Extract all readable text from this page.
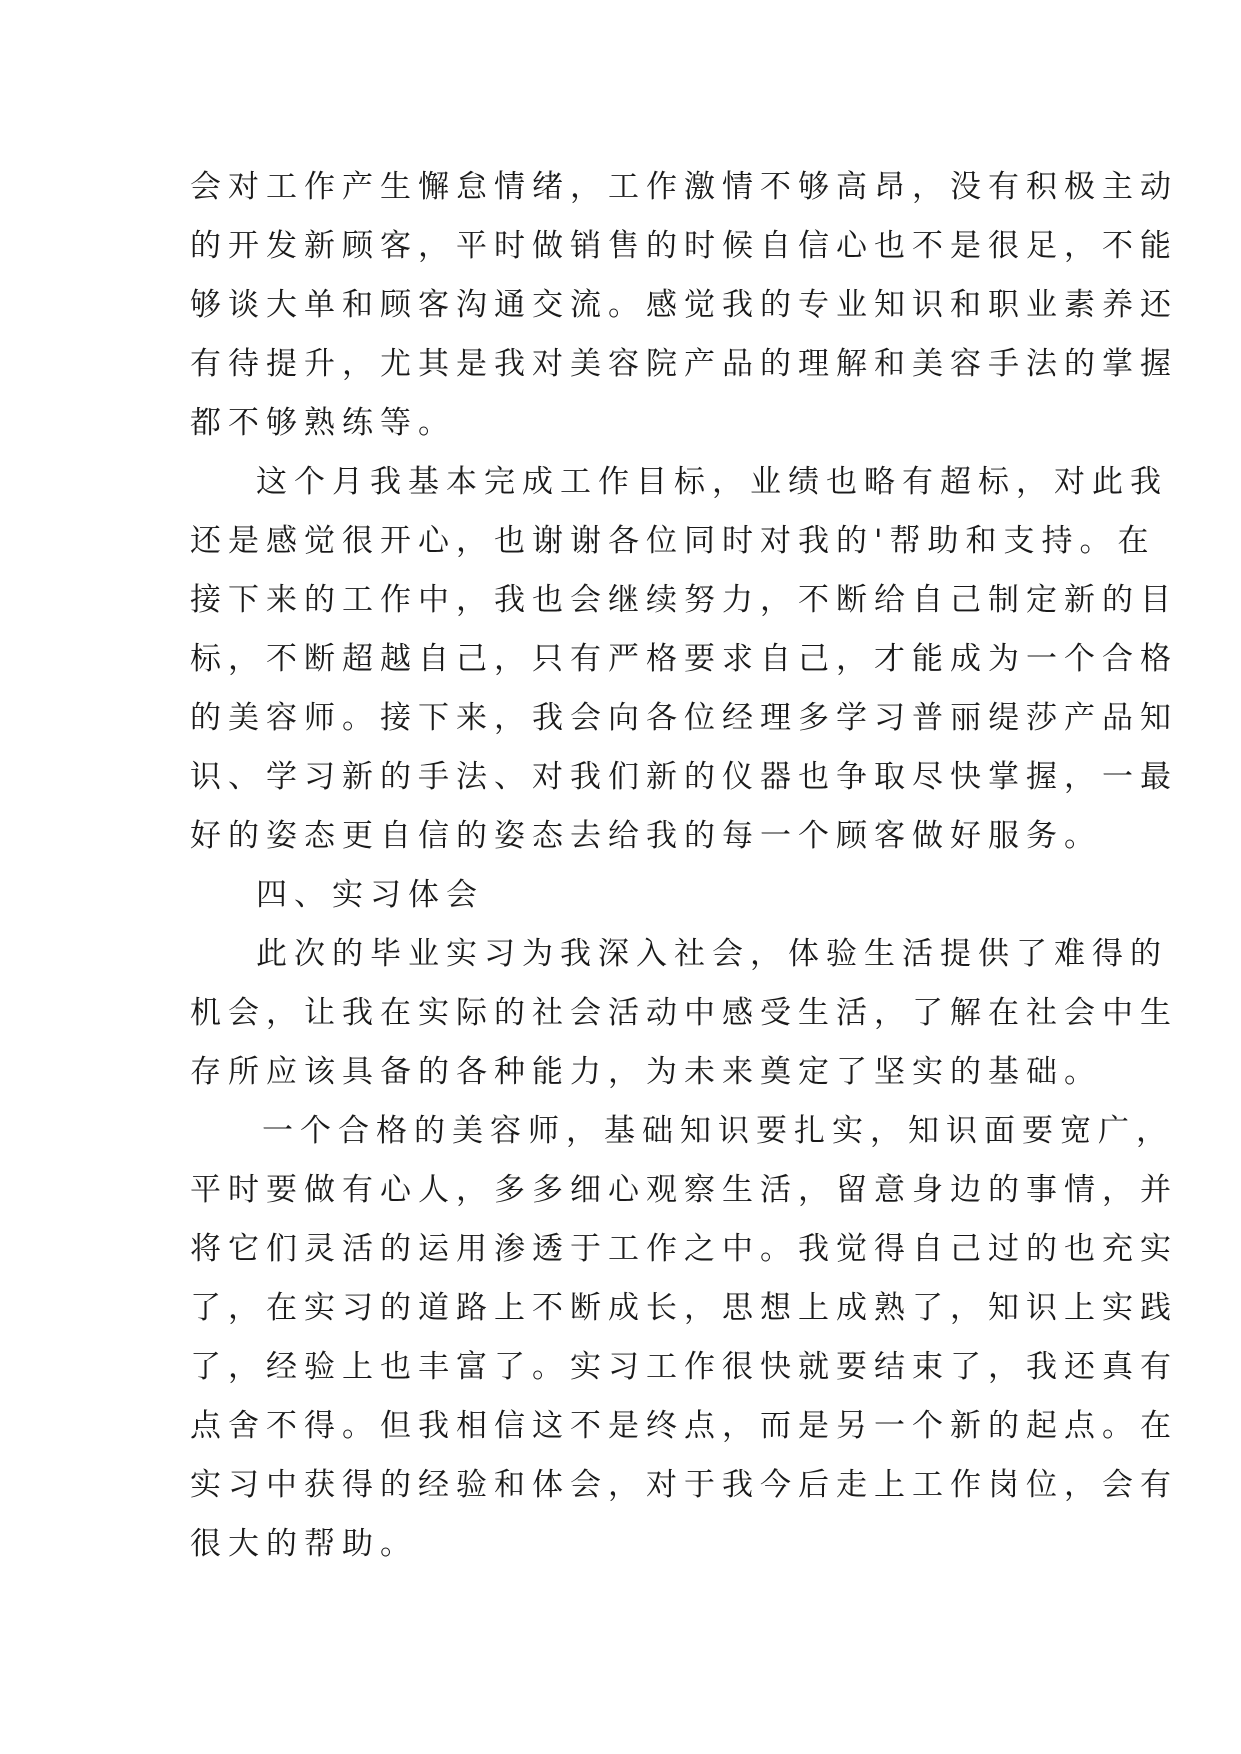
会对工作产生懈怠情绪，工作激情不够高昂，没有积极主动
的开发新顾客，平时做销售的时候自信心也不是很足，不能
够谈大单和顾客沟通交流。感觉我的专业知识和职业素养还
有待提升，尤其是我对美容院产品的理解和美容手法的掌握
都不够熟练等。
这个月我基本完成工作目标，业绩也略有超标，对此我
还是感觉很开心，也谢谢各位同时对我的'帮助和支持。在
接下来的工作中，我也会继续努力，不断给自己制定新的目
标，不断超越自己，只有严格要求自己，才能成为一个合格
的美容师。接下来，我会向各位经理多学习普丽缇莎产品知
识、学习新的手法、对我们新的仪器也争取尽快掌握，一最
好的姿态更自信的姿态去给我的每一个顾客做好服务。
四、实习体会
此次的毕业实习为我深入社会，体验生活提供了难得的
机会，让我在实际的社会活动中感受生活，了解在社会中生
存所应该具备的各种能力，为未来奠定了坚实的基础。
一个合格的美容师，基础知识要扎实，知识面要宽广，
平时要做有心人，多多细心观察生活，留意身边的事情，并
将它们灵活的运用渗透于工作之中。我觉得自己过的也充实
了，在实习的道路上不断成长，思想上成熟了，知识上实践
了，经验上也丰富了。实习工作很快就要结束了，我还真有
点舍不得。但我相信这不是终点，而是另一个新的起点。在
实习中获得的经验和体会，对于我今后走上工作岗位，会有
很大的帮助。
